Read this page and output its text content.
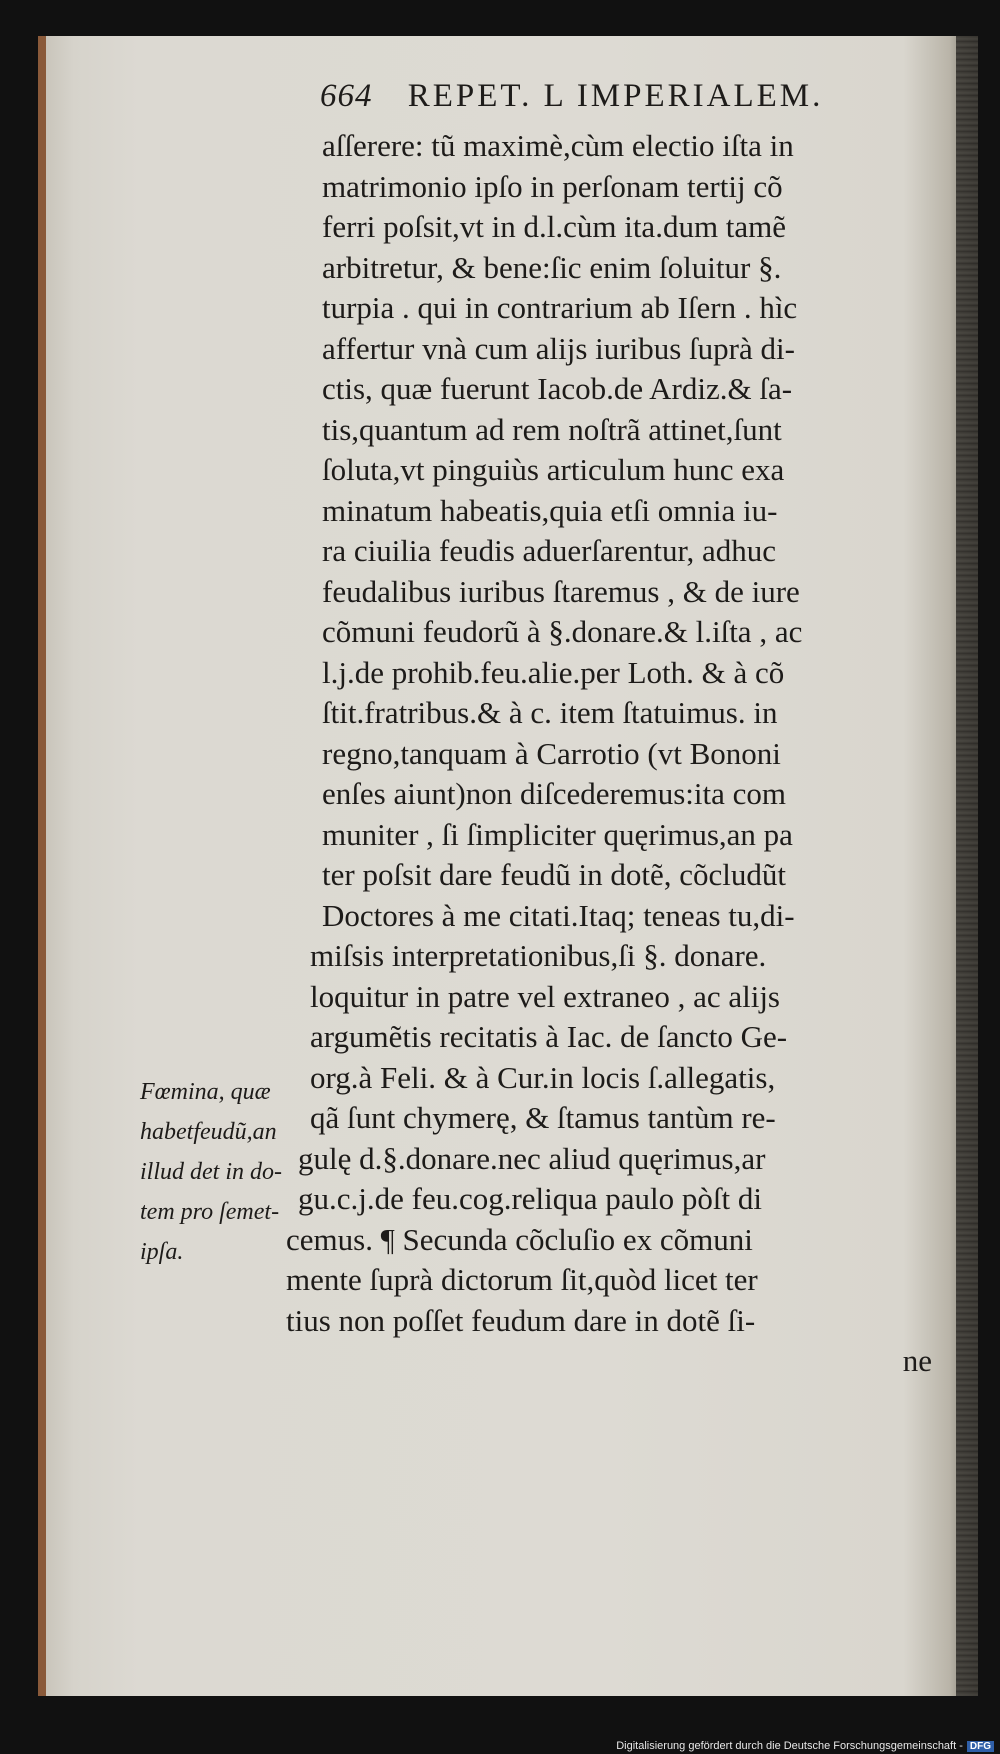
664 REPET. L IMPERIALEM.
aſſerere: tũ maximè,cùm electio iſta in
matrimonio ipſo in perſonam tertij cõ
ferri poſsit,vt in d.l.cùm ita.dum tamẽ
arbitretur, & bene:ſic enim ſoluitur §.
turpia . qui in contrarium ab Iſern . hìc
affertur vnà cum alijs iuribus ſuprà di-
ctis, quæ fuerunt Iacob.de Ardiz.& ſa-
tis,quantum ad rem noſtrã attinet,ſunt
ſoluta,vt pinguiùs articulum hunc exa
minatum habeatis,quia etſi omnia iu-
ra ciuilia feudis aduerſarentur, adhuc
feudalibus iuribus ſtaremus , & de iure
cõmuni feudorũ à §.donare.& l.iſta , ac
l.j.de prohib.feu.alie.per Loth. & à cõ
ſtit.fratribus.& à c. item ſtatuimus. in
regno,tanquam à Carrotio (vt Bononi
enſes aiunt)non diſcederemus:ita com
muniter , ſi ſimpliciter quęrimus,an pa
ter poſsit dare feudũ in dotẽ, cõcludũt
Doctores à me citati.Itaq; teneas tu,di-
miſsis interpretationibus,ſi §. donare.
loquitur in patre vel extraneo , ac alijs
argumẽtis recitatis à Iac. de ſancto Ge-
org.à Feli. & à Cur.in locis ſ.allegatis,
qã ſunt chymerę, & ſtamus tantùm re-
gulę d.§.donare.nec aliud quęrimus,ar
gu.c.j.de feu.cog.reliqua paulo pòſt di
cemus. ¶ Secunda cõcluſio ex cõmuni
mente ſuprà dictorum ſit,quòd licet ter
tius non poſſet feudum dare in dotẽ ſi-
ne
Fœmina, quæ
habetfeudũ,an
illud det in do-
tem pro ſemet-
ipſa.
Digitalisierung gefördert durch die Deutsche Forschungsgemeinschaft - DFG
